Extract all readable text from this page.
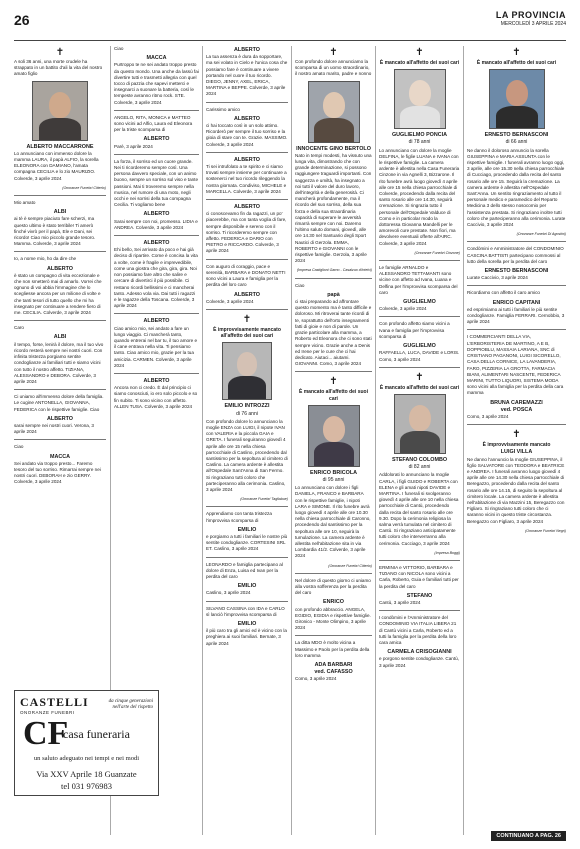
26	LA PROVINCIA
MERCOLEDÌ 3 APRILE 2024
✝

A soli 36 anni, una morte crudele ha strappato in un battito d'ali la vita del nostro amato figlio

ALBERTO MACCARRONE

Lo annunciano con immenso dolore la mamma LAURA, il papà ALFIO, la sorella ELEONORA con DAMIANO, l'amata compagna CECILIA e lo zio MAURIZIO. Colverde, 3 aprile 2024

(Onoranze Funebri Citterio)

Mio amato

ALBI

ai tè è sempre piaciuto fare scherzi, ma questo ultimo è stato terribile! Ti amerò finché vivrò per il papà, Ele e Dani, sei ricordo! Ciao mio piccolo grande tesoro. Mamma. Colverde, 3 aprile 2024

Io, a nome mio, ho da dire che

ALBERTO

è stato un compagno di vita eccezionale e che non smetterò mai di amarlo. Vorrei che ognuno di voi abbia l'immagine che lo scegliesse ancora per un milione di volte e che tanti tesori di tutto quello che mi ha insegnato per continuare a rendere fiero di me. CECILIA. Colverde, 3 aprile 2024

Caro

ALBI

il tempo, forse, lenirà il dolore, ma il tuo vivo ricordo resterà sempre nei nostri cuori. Con infinita tristezza porgiamo sentite condoglianze ai familiari tutti e siamo vicini con tutto il nostro affetto. TIZIANA, ALESSANDRO e DEBORA. Colverde, 3 aprile 2024

Ci uniamo all'immenso dolore della famiglia. Le cugine ANTONELLA, GIOVANNA, FEDERICA con le rispettive famiglie. Ciao

ALBERTO

sarai sempre nei nostri cuori. Verona, 3 aprile 2024

Ciao

MACCA

Sei andato via troppo presto... Faremo tesoro del tuo sorriso. Rimarrai sempre nei nostri cuori. DEBORAH e zio GERRY. Colverde, 3 aprile 2024

Ciao

MACCA

Purtroppo te ne sei andato troppo presto da questo mondo. Una anche da lassù fai divertire tutti e trasmetti allegria con quel tocco di pazzia che sapevi metterci e insegnarci a suonare la batteria, così le tempeste avranno ritmo rock. STE. Colverde, 3 aprile 2024

ANGELO, RITA, MONICA e MATTEO sono vicini ad Alfio, Laura ed Eleonora per la triste scomparsa di

ALBERTO

Parè, 3 aprile 2024

La forza, il sorriso ed un cuore grande. Nei ti ricorderemo sempre così. Una persona davvero speciale, con un animo buono, sempre un sorriso sul viso e tante passioni. Mai ti troveremo sempre nella musica, nel rumore di una moto, negli occhi e nei sorrisi della tua compagna Cecilia. Ti vogliamo bene

ALBERTO

Sarai sempre con noi, promesso. LIDIA e ANDREA. Colverde, 3 aprile 2024

ALBERTO

Ehi bello, Sei arrivato da poco e hai già deciso di ripartire. Come è concisa la vita a volte, come è fragile e imprevedibile, come una giostra che gira, gira, gira. Noi non possiamo fare altro che salire e cercare di divertirci il più possibile. Ci restano ricordi bellissimi e ci mancherai tanto. Adesso vola via. Dai tutti i ragazzi e le ragazze della Toscana. Colverde, 3 aprile 2024

ALBERTO

Ciao amico mio, sei andato a fare un lungo viaggio. Ci mancherà tanto, quando entrerai nel bar tu, il tuo amore e il cane entrava nella vita. Ti pensiamo tanto. Ciao amico mio, grazie per la tua amicizia. CARMEN. Colverde, 3 aprile 2024

ALBERTO

Ancora non ci credo. È dal principio ci siamo conosciuti, io ero solo piccolo e so fin subito. Ti sono vicino con affetto. ALLEN TUSA. Colverde, 3 aprile 2024

CASTELLI
ONORANZE FUNEBRI
da cinque generazioni nell'arte del rispetto
CF
casa funeraria
un saluto adeguato nei tempi e nei modi
Via XXV Aprile 18 Guanzate
tel 031 976983
ALBERTO

La tua assenza è dura da sopportare, ma sei volato in Cielo e l'unica cosa che possiamo fare è continuare a vivere portando nel cuore il tuo ricordo. DIEGO, JENNY, AXEL, ERICA, MARTINA e BEPPE. Colverde, 3 aprile 2024

Carissimo amico

ALBERTO

ci hai toccato così in un solo attimo. Ricorderò per sempre il tuo sorriso e la gioia di stare con te. Grazie. MASSIMO. Colverde, 3 aprile 2024

ALBERTO

Ti sei intrufolato a te spirito e ci siamo trovati sempre insieme per continuare a sostenerci nel tuo ricordo rileggendo la nostra giornata. Condiviso, MICHELE e MARCELLA. Colverde, 3 aprile 2024

ALBERTO

ci conoscevamo fin da ragazzi, un po' piacerebbe, ma con tanta voglia di fare, sempre disponibile e sereno con il sorriso. Ti ricorderemo sempre con affetto. FEDERICA e DARIO con PIETRO e RICCARDO. Colverde, 3 aprile 2024

Con auguro di coraggio, pace e serenità, BARBARA e DONATO NETTI sono vicini a Laura e famiglia per la perdita del loro caro

ALBERTO

Colverde, 3 aprile 2024

✝
È improvvisamente mancato all'affetto dei suoi cari
EMILIO INTROZZI
di 76 anni

Con profondo dolore lo annunciano la moglie ENZA con LUIGI, il nipote IVAN con VALERIA e la piccola GAIA e GRETA. I funerali seguiranno giovedì 4 aprile alle ore 15 nella chiesa parrocchiale di Caslino, procedendo dal santissimo per la sepoltura al cimitero di Caslino. La camera ardente è allestita all'Ospedale Sant'Anna di San Fermo. Si ringraziano tutti coloro che parteciperanno alla cerimonia. Caslino, 3 aprile 2024

(Onoranze Funebri Tagliabue)

Apprendiamo con tanta tristezza l'improvvisa scomparsa di

EMILIO

e porgiamo a tutti i familiari le nostre più sentite condoglianze. CORTESINI SRL ET. Caslino, 3 aprile 2024

LEONARDO e famiglia partecipano al dolore di Enza, Luisa ed Ivan per la perdita del caro

EMILIO

Caslino, 3 aprile 2024

SILVANO CASSINA con IDA e CARLO sì lanciò l'improvvisa scomparsa di

EMILIO

il più caro tra gli amici ed è vicino con la preghiera ai suoi familiari. Bernate, 3 aprile 2024

✝

Con profondo dolore annunciamo la scomparsa di un uomo straordinario, il nostro amato marito, padre e nonno

INNOCENTE GINO BERTOLO

Nato in tempi modesti, ha vissuto una lunga vita, dimostrando che con grande determinazione, si possono raggiungere traguardi importanti. Con saggezza e umiltà, ha insegnato a noi tutti il valore del duro lavoro, dell'integrità e della generosità. Ci mancherà profondamente, ma il ricordo del suo sorriso, della sua forza e della sua straordinaria capacità di superare le avversità rimarrà sempre con noi. Daremo l'ultimo saluto domani, giovedì, alle ore 14.30 nel Santuario degli Sport Nautici di Gerzola. EMMA, ROBERTO e GIOVANNI con le rispettive famiglie. Gerzola, 3 aprile 2024

(Impresa Castiglioni Garno - Casalzuo d'Intelvi)

Ciao

papà

ci stai preparando ad affrontare questo momento ma è tanto difficile e doloroso. Mi ritroverai tante ricordi di te, soprattutto dell'orto insegnamenti fatti di gioie e non di parole. Un grazie particolare alla mamma, a Roberto ed Eleonora che ci sono stati sempre vicino. Grazie anche a Denis ed Irene per le cure che ci hai dedicato. Aiutaci... aiutami. GIOVANNI. Como, 3 aprile 2024

✝
È mancato all'affetto dei suoi cari
ENRICO BRICOLA
di 95 anni

Lo annunciano con dolore i figli DANIELA, FRANCO e BARBARA con le rispettive famiglie, i nipoti LARA e SIMONE. Il rito funebre avrà luogo giovedì 4 aprile alle ore 10.30 nella chiesa parrocchiale di Caronno, procedendo dal santissimo per la sepoltura alle ore 10, seguirà la tumulazione. La camera ardente è allestita nell'abitazione sita in via Lombardia 41/2. Colverde, 3 aprile 2024

(Onoranze Funebri Citterio)

Nel dolore di questo giorno ci uniamo alla vostra sofferenza per la perdita del caro

ENRICO

con profondo abbraccio. ANGELA, EGIDIO, EGIDIA e rispettive famiglie. Gironico - Monte Olimpino, 3 aprile 2024

La ditta MDO è molto vicina a Massimo e Paolo per la perdita della loro mamma

ADA BARBARI
ved. CAFASSO

Como, 3 aprile 2024

✝
È mancato all'affetto dei suoi cari
GUGLIELMO PONCIA
di 78 anni

Lo annunciano con dolore la moglie DELFINA, le figlie LUANA e IVANA con le rispettive famiglie. La camera ardente è allestita nella Casa Funeraria Cinzone in via Agnelli 3, Bizzarone. Il rito funebre avrà luogo giovedì 4 aprile alle ore 15 nella chiesa parrocchiale di Colverde, procedendo dalla recita del santo rosario alle ore 14.30, seguirà cremazione. Si ringrazia tutto il personale dell'Ospedale Valduce di Como e in particolar modo la dottoressa Giovanna Mandelli per le amorevoli cure prestate. Non fiori, ma devolvere eventuali offerte all'AIRC. Colverde, 3 aprile 2024

(Onoranze Funebri Cinzone)

Le famiglie ARNALDO e ALESSANDRO TETTAMANTI sono vicine con affetto ad Ivana, Luana e Delfina per l'improvvisa scomparsa del caro

GUGLIELMO

Colverde, 3 aprile 2024

Con profondo affetto siamo vicini a Ivana e famiglia per l'improvvisa scomparsa di

GUGLIELMO

RAFFAELLA, LUCA, DAVIDE e LORIS. Como, 3 aprile 2024

✝
È mancato all'affetto dei suoi cari
STEFANO COLOMBO
di 82 anni

Addolorati lo annunciano la moglie CARLA, i figli GUIDO e ROBERTA con ELENA e gli amati nipoti DAVIDE e MARTINA. I funerali si svolgeranno giovedì 4 aprile alle ore 10 nella chiesa parrocchiale di Cantù, procedendo dalla recita del santo rosario alle ore 9.30. Dopo la cerimonia religiosa la salma verrà tumulata nel cimitero di Cantù. Si ringraziano anticipatamente tutti coloro che interverranno alla cerimonia. Cucciago, 3 aprile 2024

(Impresa Boggi)

ERMINIA e VITTORIO, BARBARA e TIZIANO con NICOLA sono vicini a Carla, Roberto, Guia e familiari tutti per la perdita del caro

STEFANO

Cantù, 3 aprile 2024

I condòmini e l'Amministratore del CONDOMINIO VIA ITALIA LIBERA 21 di Cantù vicini a Carla, Roberto ed a tutti la famiglia per la perdita della loro cara amica

CARMELA CRISOGIANNI

e porgono sentite condoglianze. Cantù, 3 aprile 2024

✝
È mancato all'affetto dei suoi cari
ERNESTO BERNASCONI
di 66 anni

Ne danno il doloroso annuncio la sorella GIUSEPPINA e MARIA ASSUNTA con le rispettive famiglie. I funerali avranno luogo oggi, 3 aprile, alle ore 15.30 nella chiesa parrocchiale di Cucciago, procedendo dalla recita del santo rosario alle ore 15. Seguirà la cremazione. La camera ardente è allestita nell'Ospedale Sant'Anna. Un sentito ringraziamento al tutto il personale medico e paramedico del Reparto Medicina 3 dello stesso nosocomio per l'assistenza prestata. Si ringraziano inoltre tutti coloro che parteciperanno alla cerimonia. Lurate Caccivio, 3 aprile 2024

(Onoranze Funebri Di Agostini)

Condòmini e Amministratore del CONDOMINIO CASCINA BATTISTI partecipano commossi al lutto della sorella per la perdita del caro

ERNESTO BERNASCONI

Lurate Caccivio, 3 aprile 2024

Ricordiamo con affetto il caro amico

ENRICO CAPITANI

ed esprimiamo ai tutti i familiari le più sentite condoglianze. Famiglia FERRARI. Cernobbio, 3 aprile 2024

I COMMERCIANTI DELLA VIA, L'ERBORISTERIA DE MARTINO, A E B, DOPPIOBLU, MASSAIA LARIANA, SNC di CRISTIANO PAGANONI, LUIGI SICORELLO, CASA DELLA CORNICE, LA LAVANDERIA, FARO, PIZZERIA LA GROTTA, FARMACIA BIANI, ALIMENTARI NASCENTE, FEDERICA MARINI, TUTTO LIQUORI, SISTEMA MODA sono vicini alla famiglia per la perdita della cara mamma

BRUNA CAREMAZZI
ved. POSCA

Como, 3 aprile 2024

✝
È improvvisamente mancato
LUIGI VILLA

Ne danno l'annuncio la moglie GIUSEPPINA, il figlio SALVATORE con TEODORA e BEATRICE e ANDREA. I funerali avranno luogo giovedì 4 aprile alle ore 14.30 nella chiesa parrocchiale di Beregazzo, procedendo dalla recita del santo rosario alle ore 14.15, di seguito la sepoltura al cimitero locale. La camera ardente è allestita nell'abitazione di via Mazzini 15, Beregazzo con Figliaro. Si ringraziano tutti coloro che ci saranno vicini in questo triste circostanza. Beregazzo con Figliaro, 3 aprile 2024

(Onoranze Funebri Negri)
CONTINUANO A PAG. 26
